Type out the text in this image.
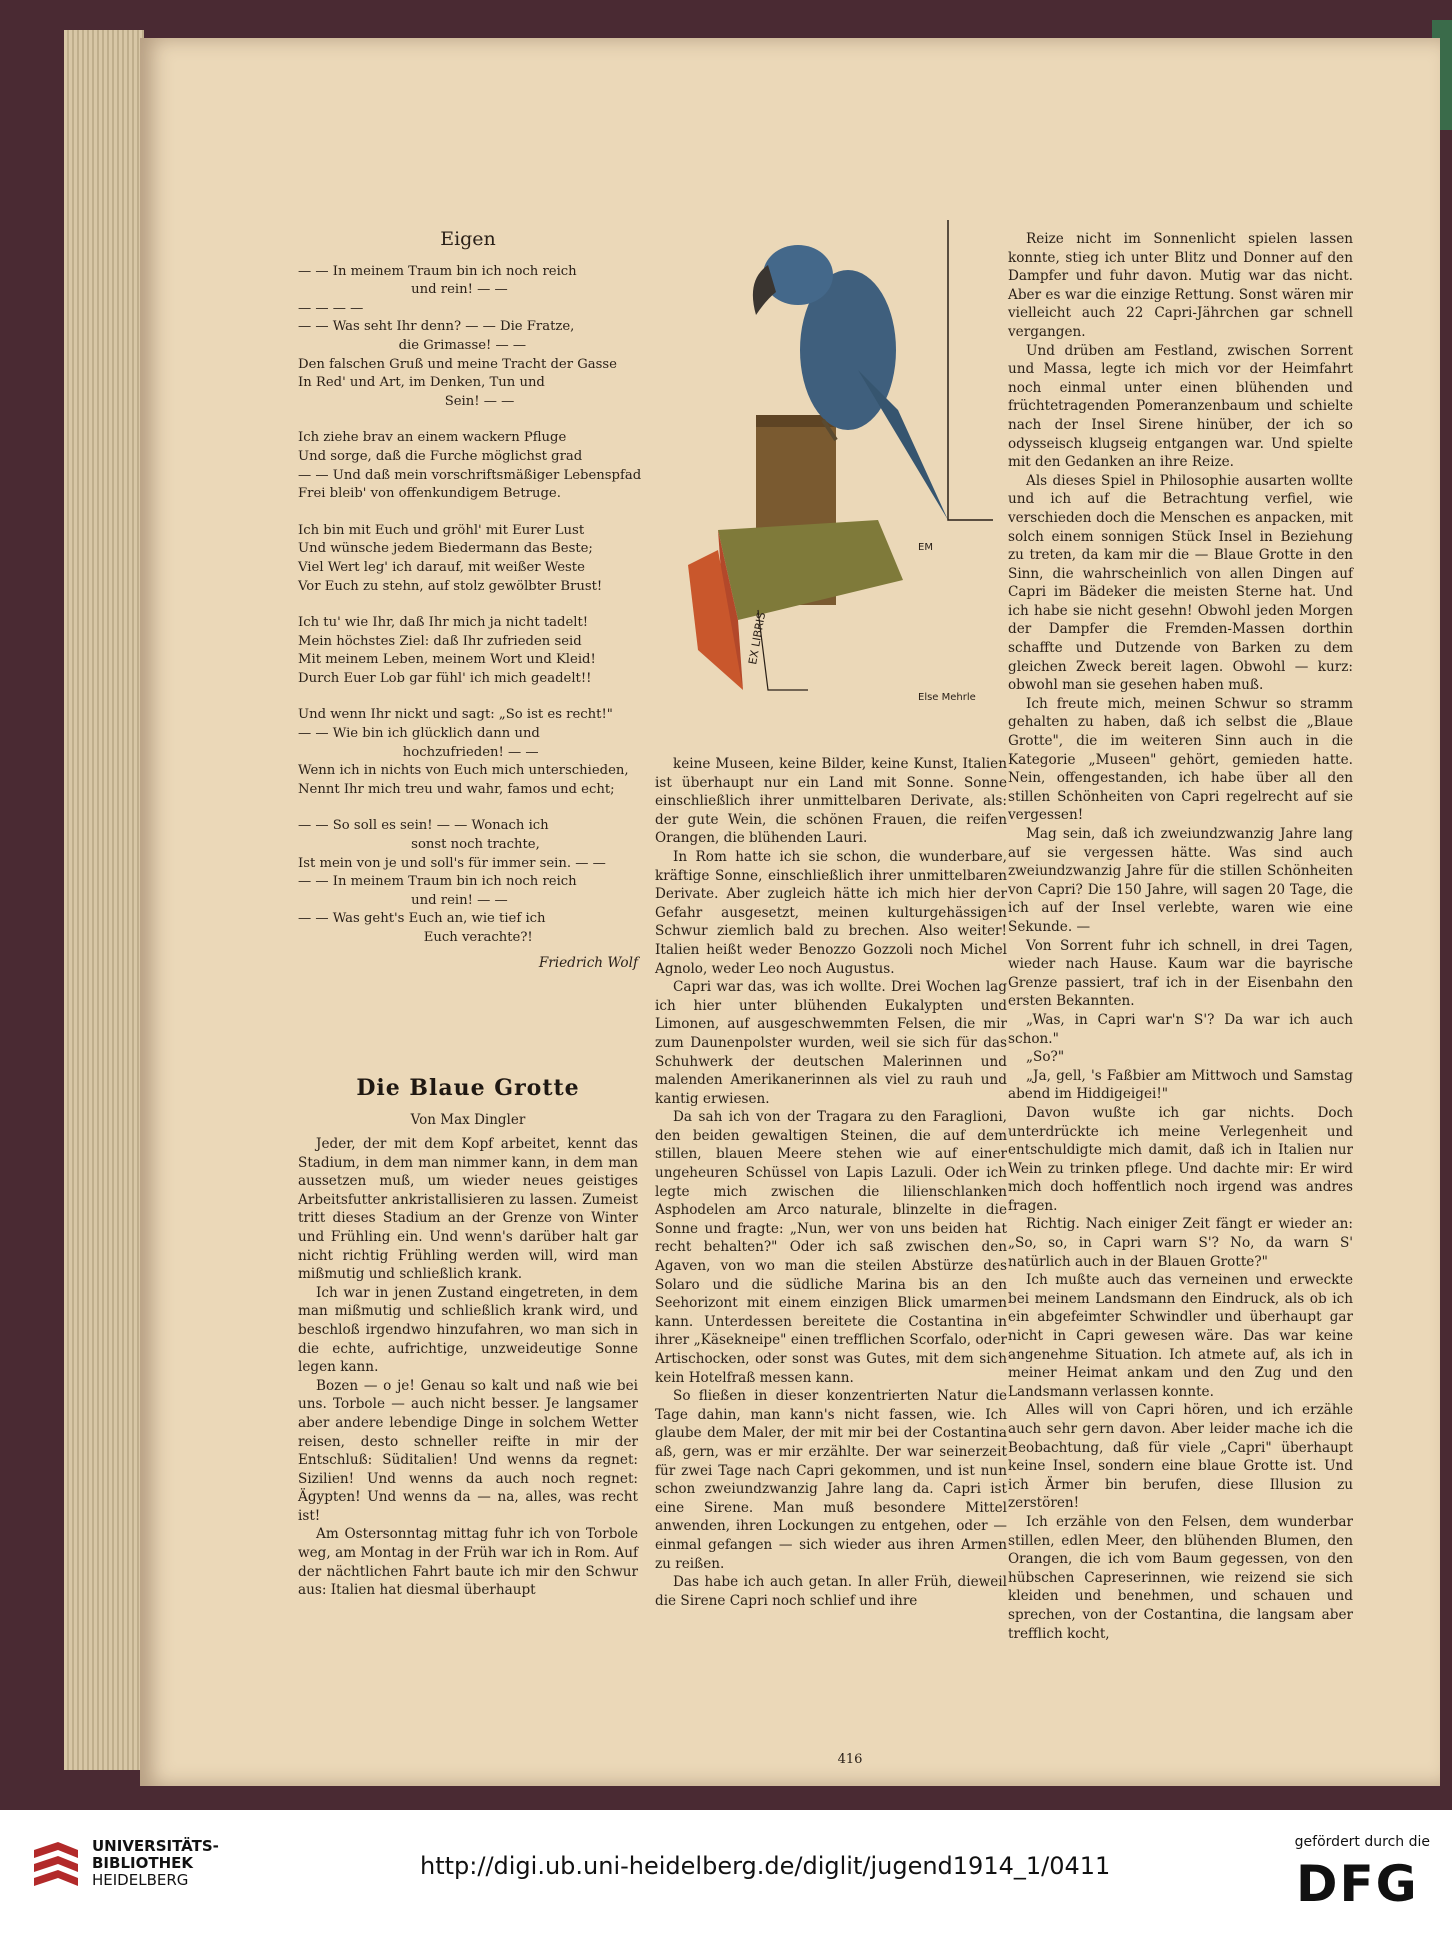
Eigen
— — In meinem Traum bin ich noch reich
und rein! — —
— — — —
— — Was seht Ihr denn? — — Die Fratze,
die Grimasse! — —
Den falschen Gruß und meine Tracht der Gasse
In Red' und Art, im Denken, Tun und
Sein! — —
Ich ziehe brav an einem wackern Pfluge
Und sorge, daß die Furche möglichst grad
— — Und daß mein vorschriftsmäßiger Lebenspfad
Frei bleib' von offenkundigem Betruge.
Ich bin mit Euch und gröhl' mit Eurer Lust
Und wünsche jedem Biedermann das Beste;
Viel Wert leg' ich darauf, mit weißer Weste
Vor Euch zu stehn, auf stolz gewölbter Brust!
Ich tu' wie Ihr, daß Ihr mich ja nicht tadelt!
Mein höchstes Ziel: daß Ihr zufrieden seid
Mit meinem Leben, meinem Wort und Kleid!
Durch Euer Lob gar fühl' ich mich geadelt!!
Und wenn Ihr nickt und sagt: „So ist es recht!"
— — Wie bin ich glücklich dann und
hochzufrieden! — —
Wenn ich in nichts von Euch mich unterschieden,
Nennt Ihr mich treu und wahr, famos und echt;
— — So soll es sein! — — Wonach ich
sonst noch trachte,
Ist mein von je und soll's für immer sein. — —
— — In meinem Traum bin ich noch reich
und rein! — —
— — Was geht's Euch an, wie tief ich
Euch verachte?!
Friedrich Wolf
Die Blaue Grotte
Von Max Dingler

Jeder, der mit dem Kopf arbeitet, kennt das Stadium, in dem man nimmer kann, in dem man aussetzen muß, um wieder neues geistiges Arbeitsfutter ankristallisieren zu lassen. Zumeist tritt dieses Stadium an der Grenze von Winter und Frühling ein. Und wenn's darüber halt gar nicht richtig Frühling werden will, wird man mißmutig und schließlich krank.

Ich war in jenen Zustand eingetreten, in dem man mißmutig und schließlich krank wird, und beschloß irgendwo hinzufahren, wo man sich in die echte, aufrichtige, unzweideutige Sonne legen kann.

Bozen — o je! Genau so kalt und naß wie bei uns. Torbole — auch nicht besser. Je langsamer aber andere lebendige Dinge in solchem Wetter reisen, desto schneller reifte in mir der Entschluß: Süditalien! Und wenns da regnet: Sizilien! Und wenns da auch noch regnet: Ägypten! Und wenns da — na, alles, was recht ist!

Am Ostersonntag mittag fuhr ich von Torbole weg, am Montag in der Früh war ich in Rom. Auf der nächtlichen Fahrt baute ich mir den Schwur aus: Italien hat diesmal überhaupt

keine Museen, keine Bilder, keine Kunst, Italien ist überhaupt nur ein Land mit Sonne. Sonne einschließlich ihrer unmittelbaren Derivate, als: der gute Wein, die schönen Frauen, die reifen Orangen, die blühenden Lauri.

In Rom hatte ich sie schon, die wunderbare, kräftige Sonne, einschließlich ihrer unmittelbaren Derivate. Aber zugleich hätte ich mich hier der Gefahr ausgesetzt, meinen kulturgehässigen Schwur ziemlich bald zu brechen. Also weiter! Italien heißt weder Benozzo Gozzoli noch Michel Agnolo, weder Leo noch Augustus.

Capri war das, was ich wollte. Drei Wochen lag ich hier unter blühenden Eukalypten und Limonen, auf ausgeschwemmten Felsen, die mir zum Daunenpolster wurden, weil sie sich für das Schuhwerk der deutschen Malerinnen und malenden Amerikanerinnen als viel zu rauh und kantig erwiesen.

Da sah ich von der Tragara zu den Faraglioni, den beiden gewaltigen Steinen, die auf dem stillen, blauen Meere stehen wie auf einer ungeheuren Schüssel von Lapis Lazuli. Oder ich legte mich zwischen die lilienschlanken Asphodelen am Arco naturale, blinzelte in die Sonne und fragte: „Nun, wer von uns beiden hat recht behalten?" Oder ich saß zwischen den Agaven, von wo man die steilen Abstürze des Solaro und die südliche Marina bis an den Seehorizont mit einem einzigen Blick umarmen kann. Unterdessen bereitete die Costantina in ihrer „Käsekneipe" einen trefflichen Scorfalo, oder Artischocken, oder sonst was Gutes, mit dem sich kein Hotelfraß messen kann.

So fließen in dieser konzentrierten Natur die Tage dahin, man kann's nicht fassen, wie. Ich glaube dem Maler, der mit mir bei der Costantina aß, gern, was er mir erzählte. Der war seinerzeit für zwei Tage nach Capri gekommen, und ist nun schon zweiundzwanzig Jahre lang da. Capri ist eine Sirene. Man muß besondere Mittel anwenden, ihren Lockungen zu entgehen, oder — einmal gefangen — sich wieder aus ihren Armen zu reißen.

Das habe ich auch getan. In aller Früh, dieweil die Sirene Capri noch schlief und ihre

Reize nicht im Sonnenlicht spielen lassen konnte, stieg ich unter Blitz und Donner auf den Dampfer und fuhr davon. Mutig war das nicht. Aber es war die einzige Rettung. Sonst wären mir vielleicht auch 22 Capri-Jährchen gar schnell vergangen.

Und drüben am Festland, zwischen Sorrent und Massa, legte ich mich vor der Heimfahrt noch einmal unter einen blühenden und früchtetragenden Pomeranzenbaum und schielte nach der Insel Sirene hinüber, der ich so odysseisch klugseig entgangen war. Und spielte mit den Gedanken an ihre Reize.

Als dieses Spiel in Philosophie ausarten wollte und ich auf die Betrachtung verfiel, wie verschieden doch die Menschen es anpacken, mit solch einem sonnigen Stück Insel in Beziehung zu treten, da kam mir die — Blaue Grotte in den Sinn, die wahrscheinlich von allen Dingen auf Capri im Bädeker die meisten Sterne hat. Und ich habe sie nicht gesehn! Obwohl jeden Morgen der Dampfer die Fremden-Massen dorthin schaffte und Dutzende von Barken zu dem gleichen Zweck bereit lagen. Obwohl — kurz: obwohl man sie gesehen haben muß.

Ich freute mich, meinen Schwur so stramm gehalten zu haben, daß ich selbst die „Blaue Grotte", die im weiteren Sinn auch in die Kategorie „Museen" gehört, gemieden hatte. Nein, offengestanden, ich habe über all den stillen Schönheiten von Capri regelrecht auf sie vergessen!

Mag sein, daß ich zweiundzwanzig Jahre lang auf sie vergessen hätte. Was sind auch zweiundzwanzig Jahre für die stillen Schönheiten von Capri? Die 150 Jahre, will sagen 20 Tage, die ich auf der Insel verlebte, waren wie eine Sekunde. —

Von Sorrent fuhr ich schnell, in drei Tagen, wieder nach Hause. Kaum war die bayrische Grenze passiert, traf ich in der Eisenbahn den ersten Bekannten.

„Was, in Capri war'n S'? Da war ich auch schon."

„So?"

„Ja, gell, 's Faßbier am Mittwoch und Samstag abend im Hiddigeigei!"

Davon wußte ich gar nichts. Doch unterdrückte ich meine Verlegenheit und entschuldigte mich damit, daß ich in Italien nur Wein zu trinken pflege. Und dachte mir: Er wird mich doch hoffentlich noch irgend was andres fragen.

Richtig. Nach einiger Zeit fängt er wieder an: „So, so, in Capri warn S'? No, da warn S' natürlich auch in der Blauen Grotte?"

Ich mußte auch das verneinen und erweckte bei meinem Landsmann den Eindruck, als ob ich ein abgefeimter Schwindler und überhaupt gar nicht in Capri gewesen wäre. Das war keine angenehme Situation. Ich atmete auf, als ich in meiner Heimat ankam und den Zug und den Landsmann verlassen konnte.

Alles will von Capri hören, und ich erzähle auch sehr gern davon. Aber leider mache ich die Beobachtung, daß für viele „Capri" überhaupt keine Insel, sondern eine blaue Grotte ist. Und ich Ärmer bin berufen, diese Illusion zu zerstören!

Ich erzähle von den Felsen, dem wunderbar stillen, edlen Meer, den blühenden Blumen, den Orangen, die ich vom Baum gegessen, von den hübschen Capreserinnen, wie reizend sie sich kleiden und benehmen, und schauen und sprechen, von der Costantina, die langsam aber trefflich kocht,

EX LIBRIS
EM
Else Mehrle
416
UNIVERSITÄTS-
BIBLIOTHEK
HEIDELBERG	http://digi.ub.uni-heidelberg.de/diglit/jugend1914_1/0411
gefördert durch die
DFG
